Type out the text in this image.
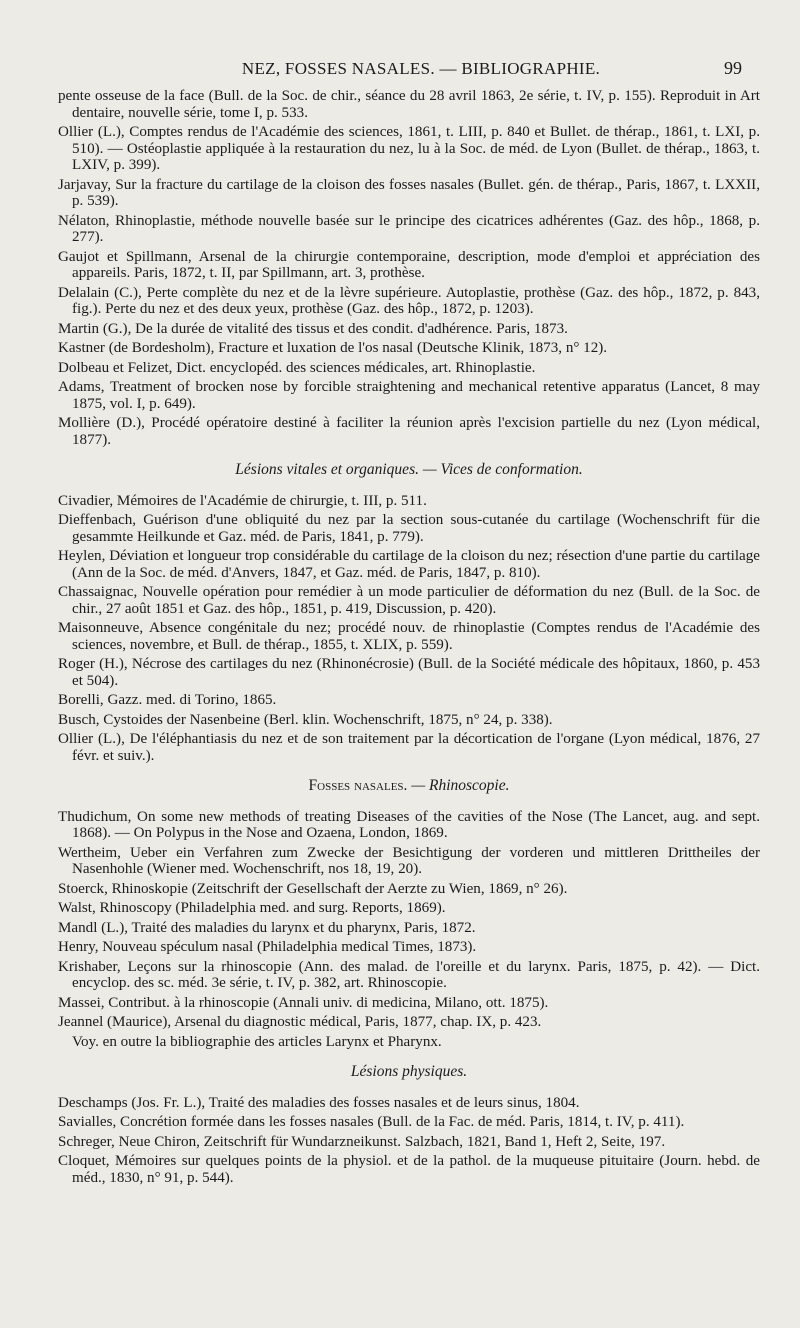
NEZ, FOSSES NASALES. — BIBLIOGRAPHIE.	99

pente osseuse de la face (Bull. de la Soc. de chir., séance du 28 avril 1863, 2e série, t. IV, p. 155). Reproduit in Art dentaire, nouvelle série, tome I, p. 533.

Ollier (L.), Comptes rendus de l'Académie des sciences, 1861, t. LIII, p. 840 et Bullet. de thérap., 1861, t. LXI, p. 510). — Ostéoplastie appliquée à la restauration du nez, lu à la Soc. de méd. de Lyon (Bullet. de thérap., 1863, t. LXIV, p. 399).

Jarjavay, Sur la fracture du cartilage de la cloison des fosses nasales (Bullet. gén. de thérap., Paris, 1867, t. LXXII, p. 539).

Nélaton, Rhinoplastie, méthode nouvelle basée sur le principe des cicatrices adhérentes (Gaz. des hôp., 1868, p. 277).

Gaujot et Spillmann, Arsenal de la chirurgie contemporaine, description, mode d'emploi et appréciation des appareils. Paris, 1872, t. II, par Spillmann, art. 3, prothèse.

Delalain (C.), Perte complète du nez et de la lèvre supérieure. Autoplastie, prothèse (Gaz. des hôp., 1872, p. 843, fig.). Perte du nez et des deux yeux, prothèse (Gaz. des hôp., 1872, p. 1203).

Martin (G.), De la durée de vitalité des tissus et des condit. d'adhérence. Paris, 1873.

Kastner (de Bordesholm), Fracture et luxation de l'os nasal (Deutsche Klinik, 1873, n° 12).

Dolbeau et Felizet, Dict. encyclopéd. des sciences médicales, art. Rhinoplastie.

Adams, Treatment of brocken nose by forcible straightening and mechanical retentive apparatus (Lancet, 8 may 1875, vol. I, p. 649).

Mollière (D.), Procédé opératoire destiné à faciliter la réunion après l'excision partielle du nez (Lyon médical, 1877).

Lésions vitales et organiques. — Vices de conformation.

Civadier, Mémoires de l'Académie de chirurgie, t. III, p. 511.

Dieffenbach, Guérison d'une obliquité du nez par la section sous-cutanée du cartilage (Wochenschrift für die gesammte Heilkunde et Gaz. méd. de Paris, 1841, p. 779).

Heylen, Déviation et longueur trop considérable du cartilage de la cloison du nez; résection d'une partie du cartilage (Ann de la Soc. de méd. d'Anvers, 1847, et Gaz. méd. de Paris, 1847, p. 810).

Chassaignac, Nouvelle opération pour remédier à un mode particulier de déformation du nez (Bull. de la Soc. de chir., 27 août 1851 et Gaz. des hôp., 1851, p. 419, Discussion, p. 420).

Maisonneuve, Absence congénitale du nez; procédé nouv. de rhinoplastie (Comptes rendus de l'Académie des sciences, novembre, et Bull. de thérap., 1855, t. XLIX, p. 559).

Roger (H.), Nécrose des cartilages du nez (Rhinonécrosie) (Bull. de la Société médicale des hôpitaux, 1860, p. 453 et 504).

Borelli, Gazz. med. di Torino, 1865.

Busch, Cystoides der Nasenbeine (Berl. klin. Wochenschrift, 1875, n° 24, p. 338).

Ollier (L.), De l'éléphantiasis du nez et de son traitement par la décortication de l'organe (Lyon médical, 1876, 27 févr. et suiv.).

Fosses nasales. — Rhinoscopie.

Thudichum, On some new methods of treating Diseases of the cavities of the Nose (The Lancet, aug. and sept. 1868). — On Polypus in the Nose and Ozaena, London, 1869.

Wertheim, Ueber ein Verfahren zum Zwecke der Besichtigung der vorderen und mittleren Drittheiles der Nasenhohle (Wiener med. Wochenschrift, nos 18, 19, 20).

Stoerck, Rhinoskopie (Zeitschrift der Gesellschaft der Aerzte zu Wien, 1869, n° 26).

Walst, Rhinoscopy (Philadelphia med. and surg. Reports, 1869).

Mandl (L.), Traité des maladies du larynx et du pharynx, Paris, 1872.

Henry, Nouveau spéculum nasal (Philadelphia medical Times, 1873).

Krishaber, Leçons sur la rhinoscopie (Ann. des malad. de l'oreille et du larynx. Paris, 1875, p. 42). — Dict. encyclop. des sc. méd. 3e série, t. IV, p. 382, art. Rhinoscopie.

Massei, Contribut. à la rhinoscopie (Annali univ. di medicina, Milano, ott. 1875).

Jeannel (Maurice), Arsenal du diagnostic médical, Paris, 1877, chap. IX, p. 423.

Voy. en outre la bibliographie des articles Larynx et Pharynx.

Lésions physiques.

Deschamps (Jos. Fr. L.), Traité des maladies des fosses nasales et de leurs sinus, 1804.

Savialles, Concrétion formée dans les fosses nasales (Bull. de la Fac. de méd. Paris, 1814, t. IV, p. 411).

Schreger, Neue Chiron, Zeitschrift für Wundarzneikunst. Salzbach, 1821, Band 1, Heft 2, Seite, 197.

Cloquet, Mémoires sur quelques points de la physiol. et de la pathol. de la muqueuse pituitaire (Journ. hebd. de méd., 1830, n° 91, p. 544).
